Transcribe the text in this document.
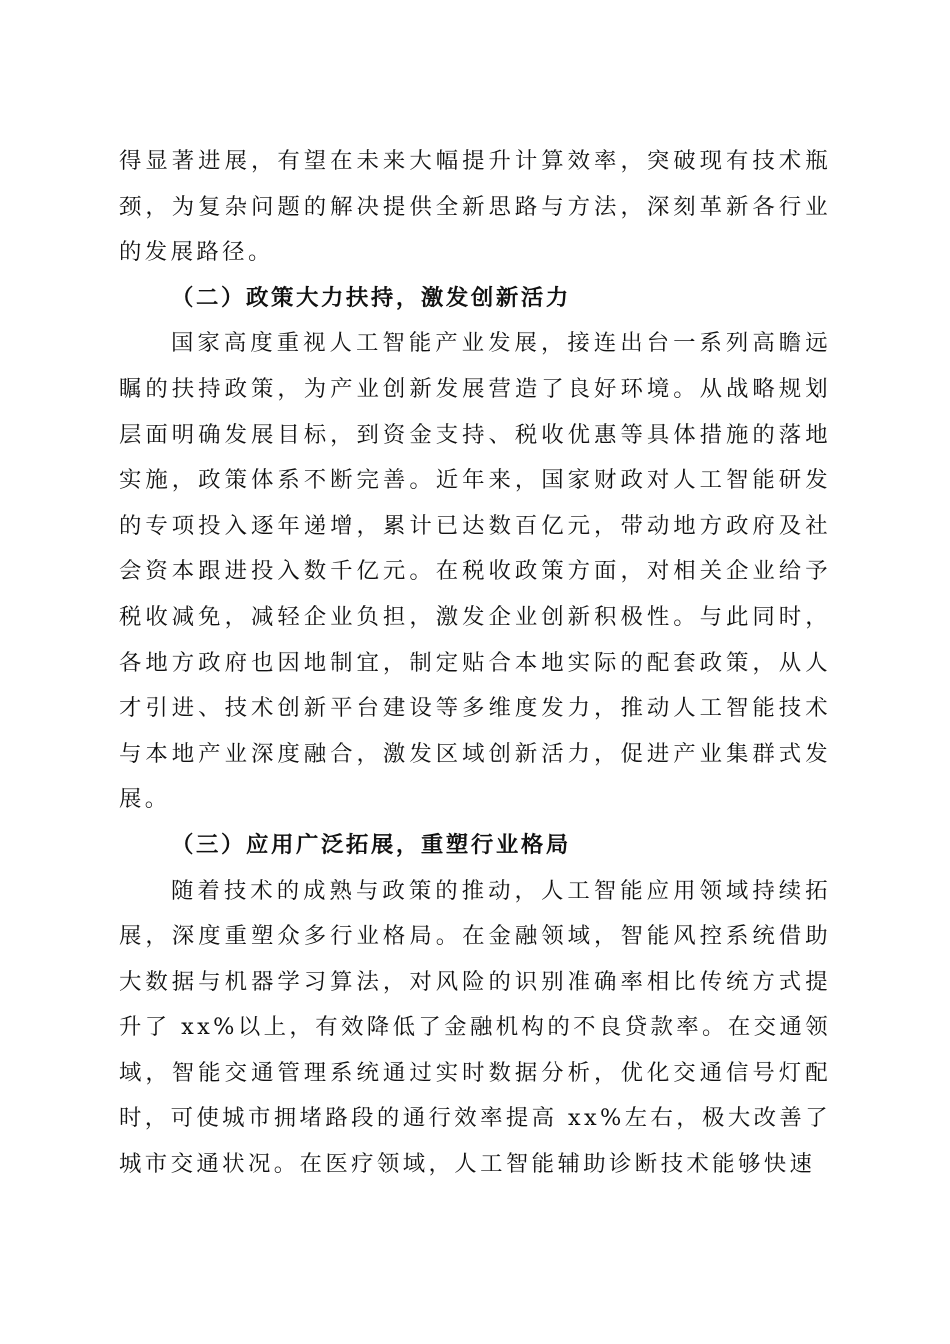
得显著进展，有望在未来大幅提升计算效率，突破现有技术瓶颈，为复杂问题的解决提供全新思路与方法，深刻革新各行业的发展路径。

（二）政策大力扶持，激发创新活力

国家高度重视人工智能产业发展，接连出台一系列高瞻远瞩的扶持政策，为产业创新发展营造了良好环境。从战略规划层面明确发展目标，到资金支持、税收优惠等具体措施的落地实施，政策体系不断完善。近年来，国家财政对人工智能研发的专项投入逐年递增，累计已达数百亿元，带动地方政府及社会资本跟进投入数千亿元。在税收政策方面，对相关企业给予税收减免，减轻企业负担，激发企业创新积极性。与此同时，各地方政府也因地制宜，制定贴合本地实际的配套政策，从人才引进、技术创新平台建设等多维度发力，推动人工智能技术与本地产业深度融合，激发区域创新活力，促进产业集群式发展。

（三）应用广泛拓展，重塑行业格局

随着技术的成熟与政策的推动，人工智能应用领域持续拓展，深度重塑众多行业格局。在金融领域，智能风控系统借助大数据与机器学习算法，对风险的识别准确率相比传统方式提升了 xx%以上，有效降低了金融机构的不良贷款率。在交通领域，智能交通管理系统通过实时数据分析，优化交通信号灯配时，可使城市拥堵路段的通行效率提高 xx%左右，极大改善了城市交通状况。在医疗领域，人工智能辅助诊断技术能够快速
